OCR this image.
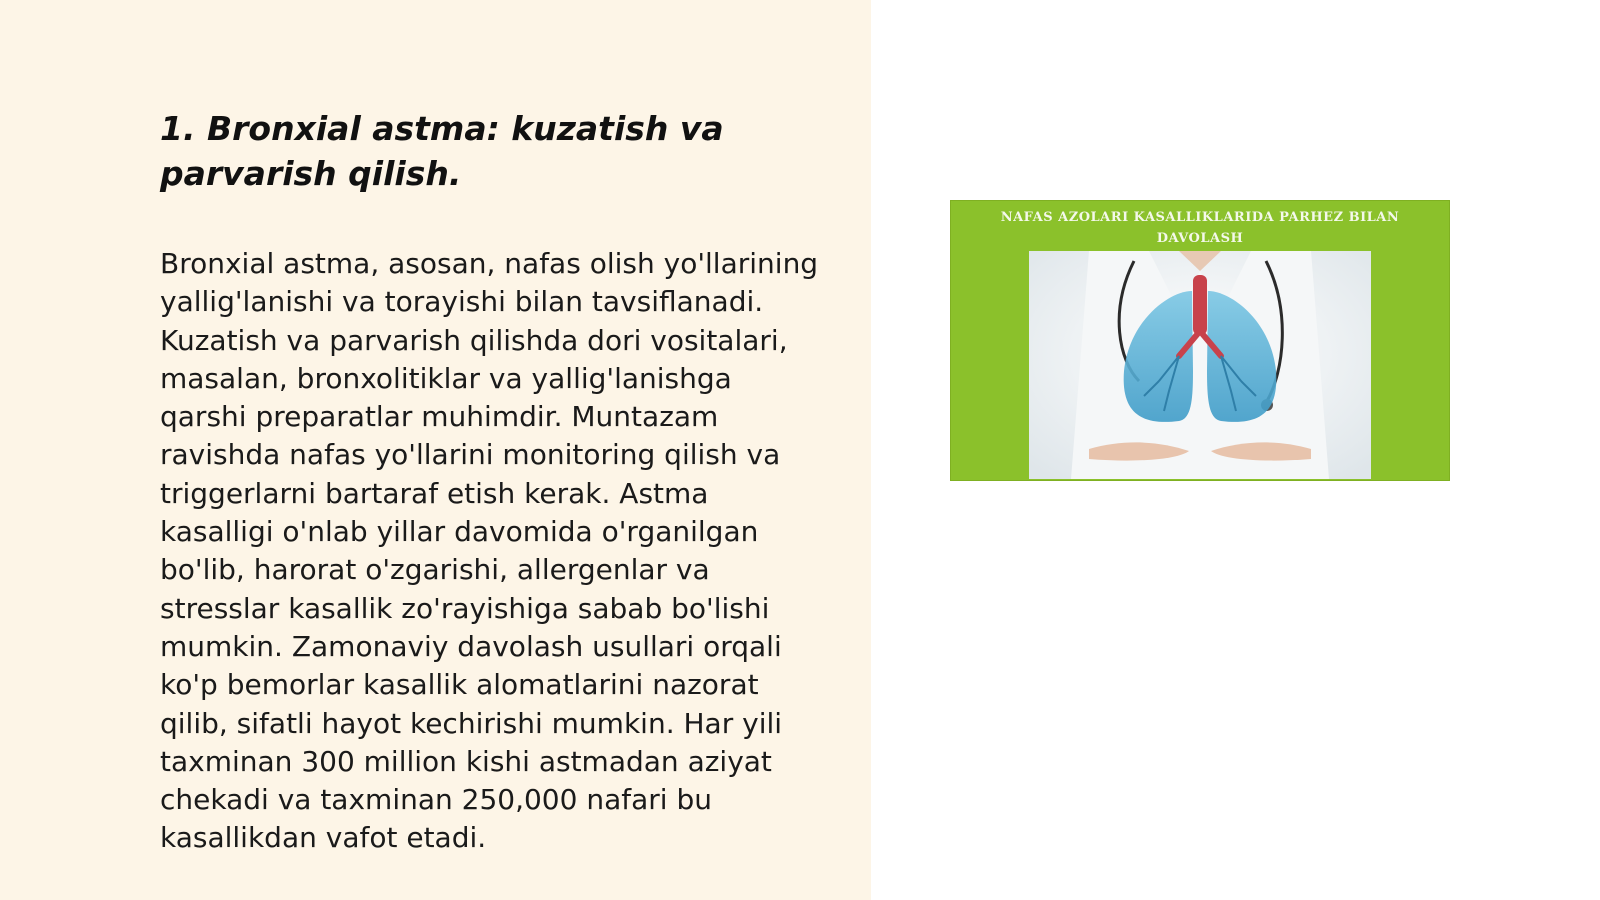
1. Bronxial astma: kuzatish va parvarish qilish.

Bronxial astma, asosan, nafas olish yo'llarining yallig'lanishi va torayishi bilan tavsiflanadi. Kuzatish va parvarish qilishda dori vositalari, masalan, bronxolitiklar va yallig'lanishga qarshi preparatlar muhimdir. Muntazam ravishda nafas yo'llarini monitoring qilish va triggerlarni bartaraf etish kerak. Astma kasalligi o'nlab yillar davomida o'rganilgan bo'lib, harorat o'zgarishi, allergenlar va stresslar kasallik zo'rayishiga sabab bo'lishi mumkin. Zamonaviy davolash usullari orqali ko'p bemorlar kasallik alomatlarini nazorat qilib, sifatli hayot kechirishi mumkin. Har yili taxminan 300 million kishi astmadan aziyat chekadi va taxminan 250,000 nafari bu kasallikdan vafot etadi.

NAFAS AZOLARI KASALLIKLARIDA PARHEZ BILAN DAVOLASH
